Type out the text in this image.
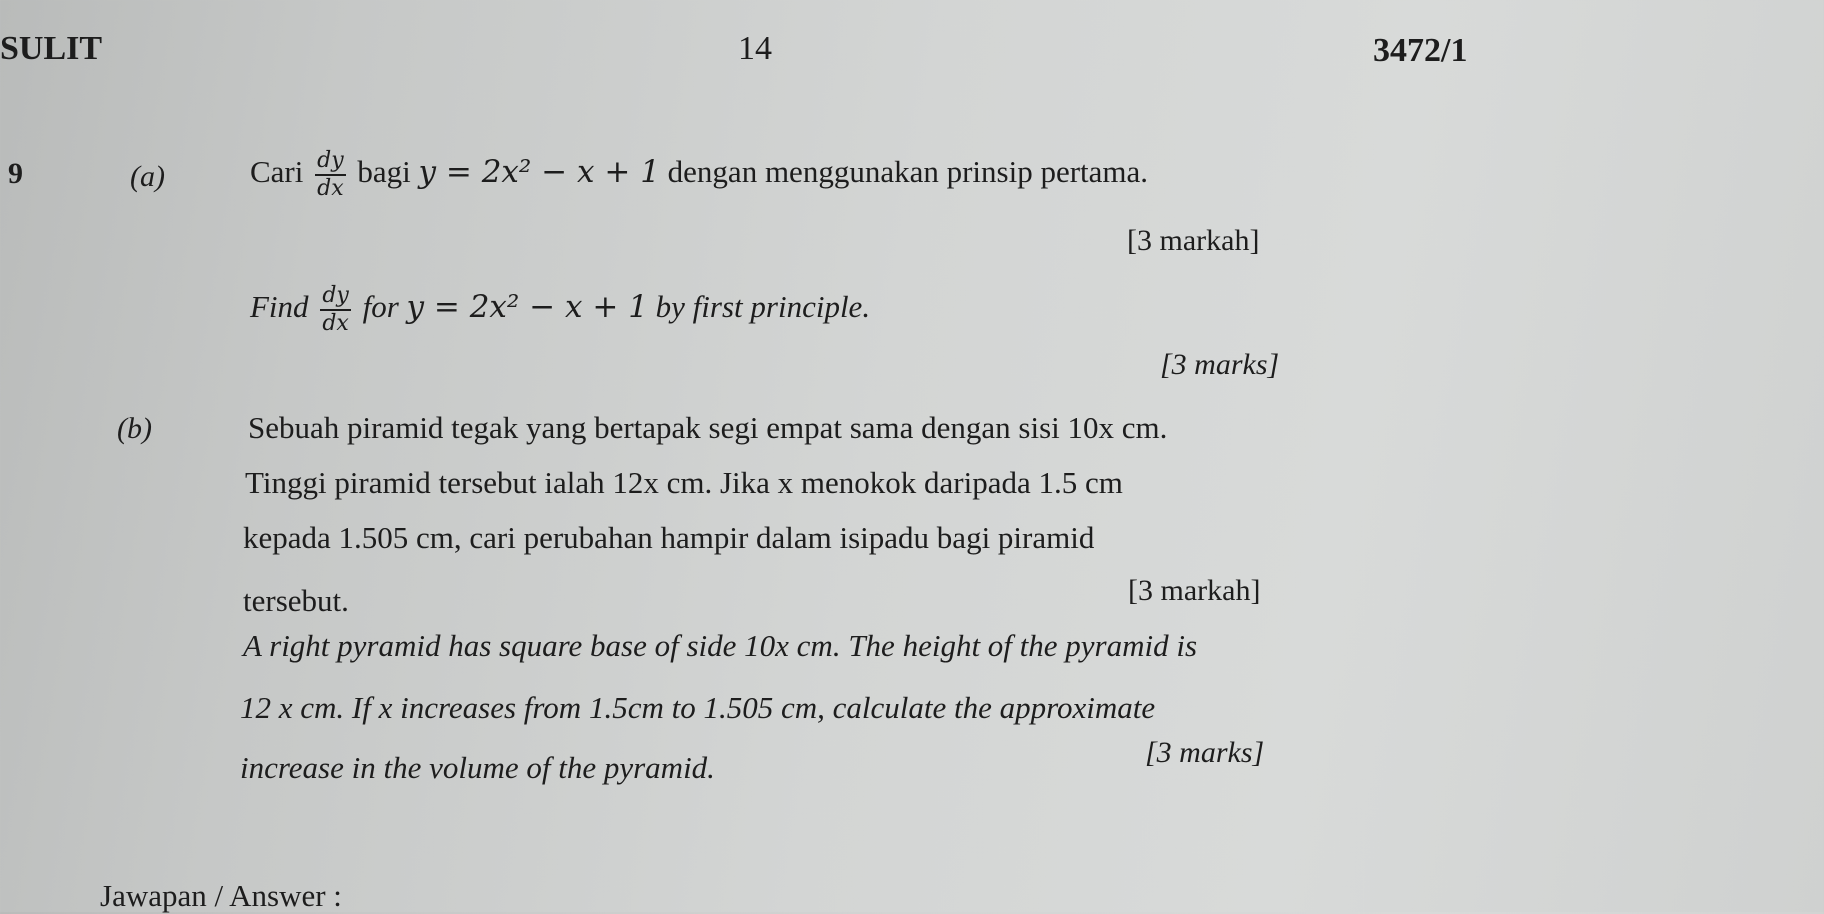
SULIT	14	3472/1
9	(a)	Cari $\frac{dy}{dx}$ bagi y = 2x² − x + 1 dengan menggunakan prinsip pertama.
[3 markah]
Find $\frac{dy}{dx}$ for y = 2x² − x + 1 by first principle.
[3 marks]
(b)	Sebuah piramid tegak yang bertapak segi empat sama dengan sisi 10x cm.
Tinggi piramid tersebut ialah 12x cm. Jika x menokok daripada 1.5 cm
kepada 1.505 cm, cari perubahan hampir dalam isipadu bagi piramid
tersebut.	[3 markah]
A right pyramid has square base of side 10x cm. The height of the pyramid is
12 x cm. If x increases from 1.5cm to 1.505 cm, calculate the approximate
increase in the volume of the pyramid.	[3 marks]
Jawapan / Answer :
